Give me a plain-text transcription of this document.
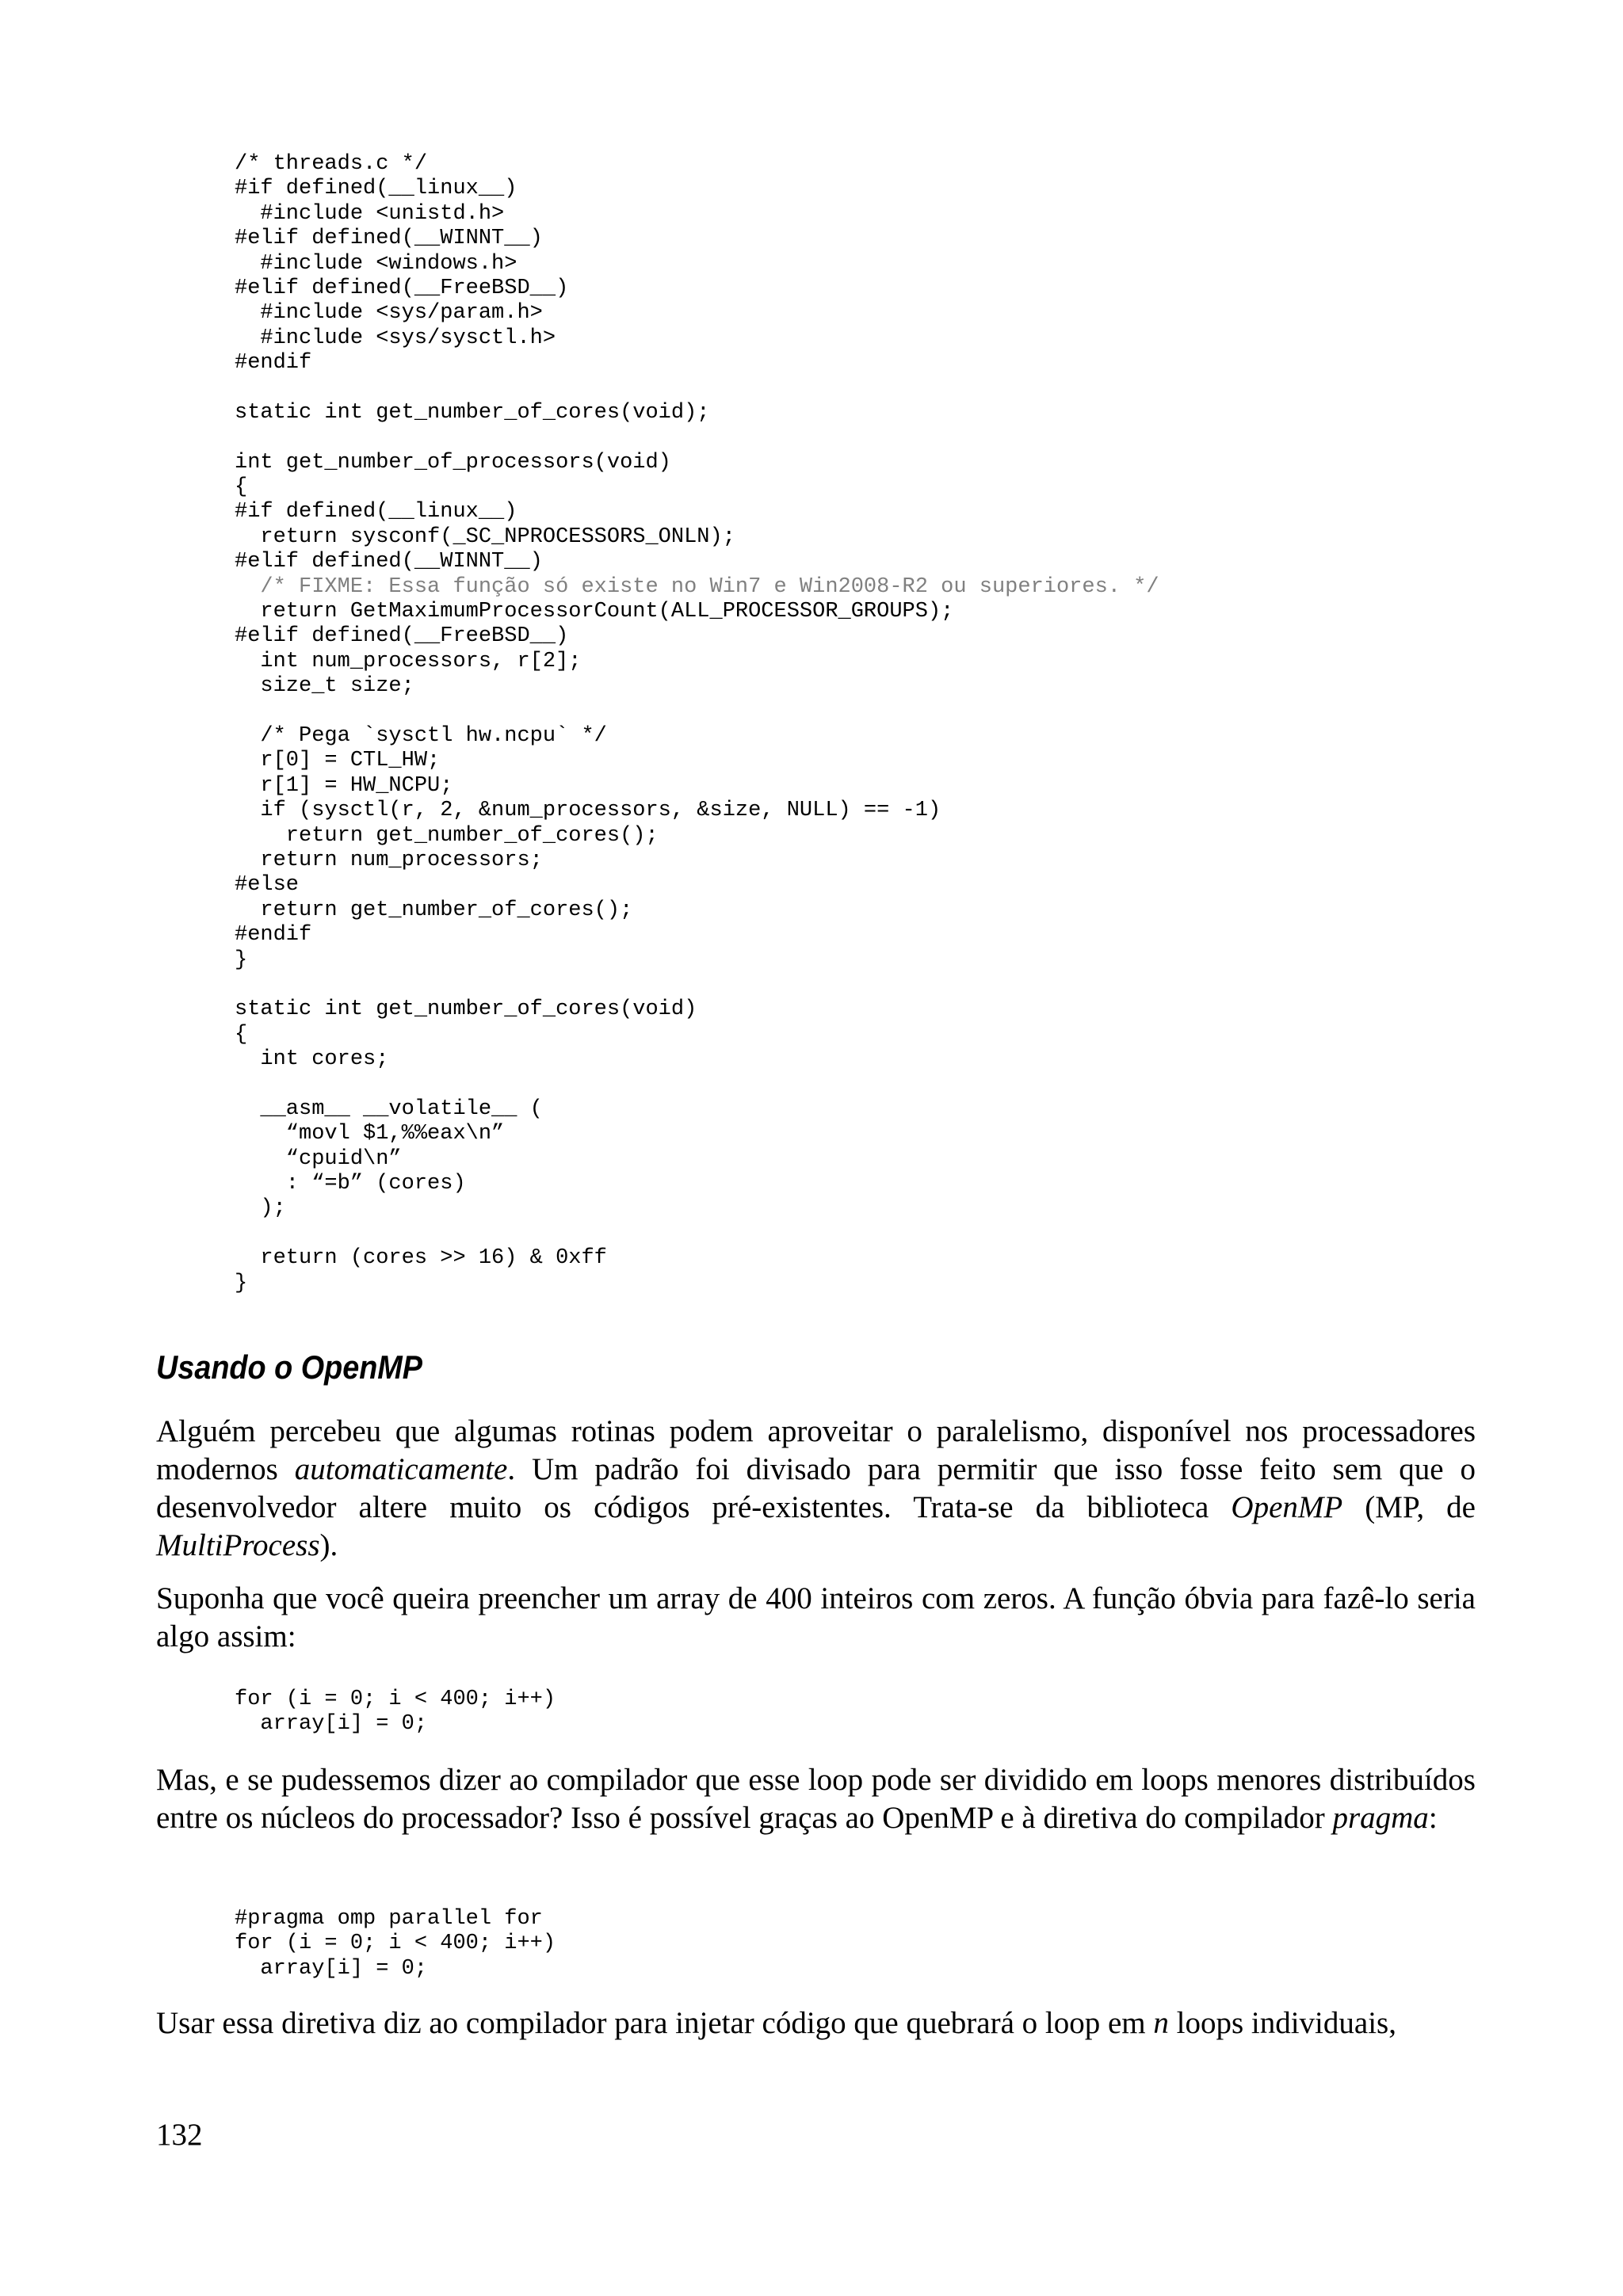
/* threads.c */
#if defined(__linux__)
#include <unistd.h>
#elif defined(__WINNT__)
#include <windows.h>
#elif defined(__FreeBSD__)
#include <sys/param.h>
#include <sys/sysctl.h>
#endif
static int get_number_of_cores(void);
int get_number_of_processors(void)
{
#if defined(__linux__)
return sysconf(_SC_NPROCESSORS_ONLN);
#elif defined(__WINNT__)
/* FIXME: Essa função só existe no Win7 e Win2008-R2 ou superiores. */
return GetMaximumProcessorCount(ALL_PROCESSOR_GROUPS);
#elif defined(__FreeBSD__)
int num_processors, r[2];
size_t size;
/* Pega `sysctl hw.ncpu` */
r[0] = CTL_HW;
r[1] = HW_NCPU;
if (sysctl(r, 2, &num_processors, &size, NULL) == -1)
return get_number_of_cores();
return num_processors;
#else
return get_number_of_cores();
#endif
}
static int get_number_of_cores(void)
{
int cores;
__asm__ __volatile__ (
“movl $1,%%eax\n”
“cpuid\n”
: “=b” (cores)
);
return (cores >> 16) & 0xff
}
Usando o OpenMP

Alguém percebeu que algumas rotinas podem aproveitar o paralelismo, disponível nos processadores modernos automaticamente. Um padrão foi divisado para permitir que isso fosse feito sem que o desenvolvedor altere muito os códigos pré-existentes. Trata-se da biblioteca OpenMP (MP, de MultiProcess).

Suponha que você queira preencher um array de 400 inteiros com zeros. A função óbvia para fazê-lo seria algo assim:

for (i = 0; i < 400; i++)
array[i] = 0;

Mas, e se pudessemos dizer ao compilador que esse loop pode ser dividido em loops menores distribuídos entre os núcleos do processador? Isso é possível graças ao OpenMP e à diretiva do compilador pragma:

#pragma omp parallel for
for (i = 0; i < 400; i++)
array[i] = 0;

Usar essa diretiva diz ao compilador para injetar código que quebrará o loop em n loops individuais,

132
